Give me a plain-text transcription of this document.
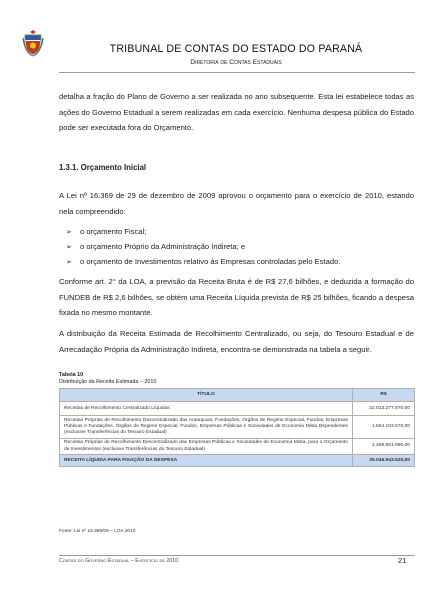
TRIBUNAL DE CONTAS DO ESTADO DO PARANÁ
Diretoria de Contas Estaduais
detalha a fração do Plano de Governo a ser realizada no ano subsequente. Esta lei estabelece todas as ações do Governo Estadual a serem realizadas em cada exercício. Nenhuma despesa pública do Estado pode ser executada fora do Orçamento.
1.3.1. Orçamento Inicial
A Lei nº 16.369 de 29 de dezembro de 2009 aprovou o orçamento para o exercício de 2010, estando nela compreendido:
➢ o orçamento Fiscal;
➢ o orçamento Próprio da Administração Indireta; e
➢ o orçamento de Investimentos relativo às Empresas controladas pelo Estado.
Conforme art. 2° da LOA, a previsão da Receita Bruta é de R$ 27,6 bilhões, e deduzida a formação do FUNDEB de R$ 2,6 bilhões, se obtém uma Receita Líquida prevista de R$ 25 bilhões, ficando a despesa fixada no mesmo montante.
A distribuição da Receita Estimada de Recolhimento Centralizado, ou seja, do Tesouro Estadual e de Arrecadação Própria da Administração Indireta, encontra-se demonstrada na tabela a seguir.
Tabela 10
Distribuição da Receita Estimada – 2010
TÍTULO	R$
Receitas de Recolhimento Centralizado Líquidas	22.013.277.970,00
Receitas Próprias de Recolhimento Descentralizado das Autarquias, Fundações, Órgãos de Regime Especial, Fundos, Empresas Públicas e Fundações, Órgãos de Regime Especial, Fundos, Empresas Públicas e Sociedades de Economia Mista Dependentes (exclusive Transferências do Tesouro Estadual)	1.564.103.570,00
Receitas Próprias de Recolhimento Descentralizado das Empresas Públicas e Sociedades de Economia Mista, para o Orçamento de Investimentos (exclusive Transferências do Tesouro Estadual)	1.469.561.990,00
RECEITA LÍQUIDA PARA FIXAÇÃO DA DESPESA	25.046.943.520,00
Fonte: Lei nº 16.369/09 – LOA 2010
Contas do Governo Estadual – Exercício de 2010	21
